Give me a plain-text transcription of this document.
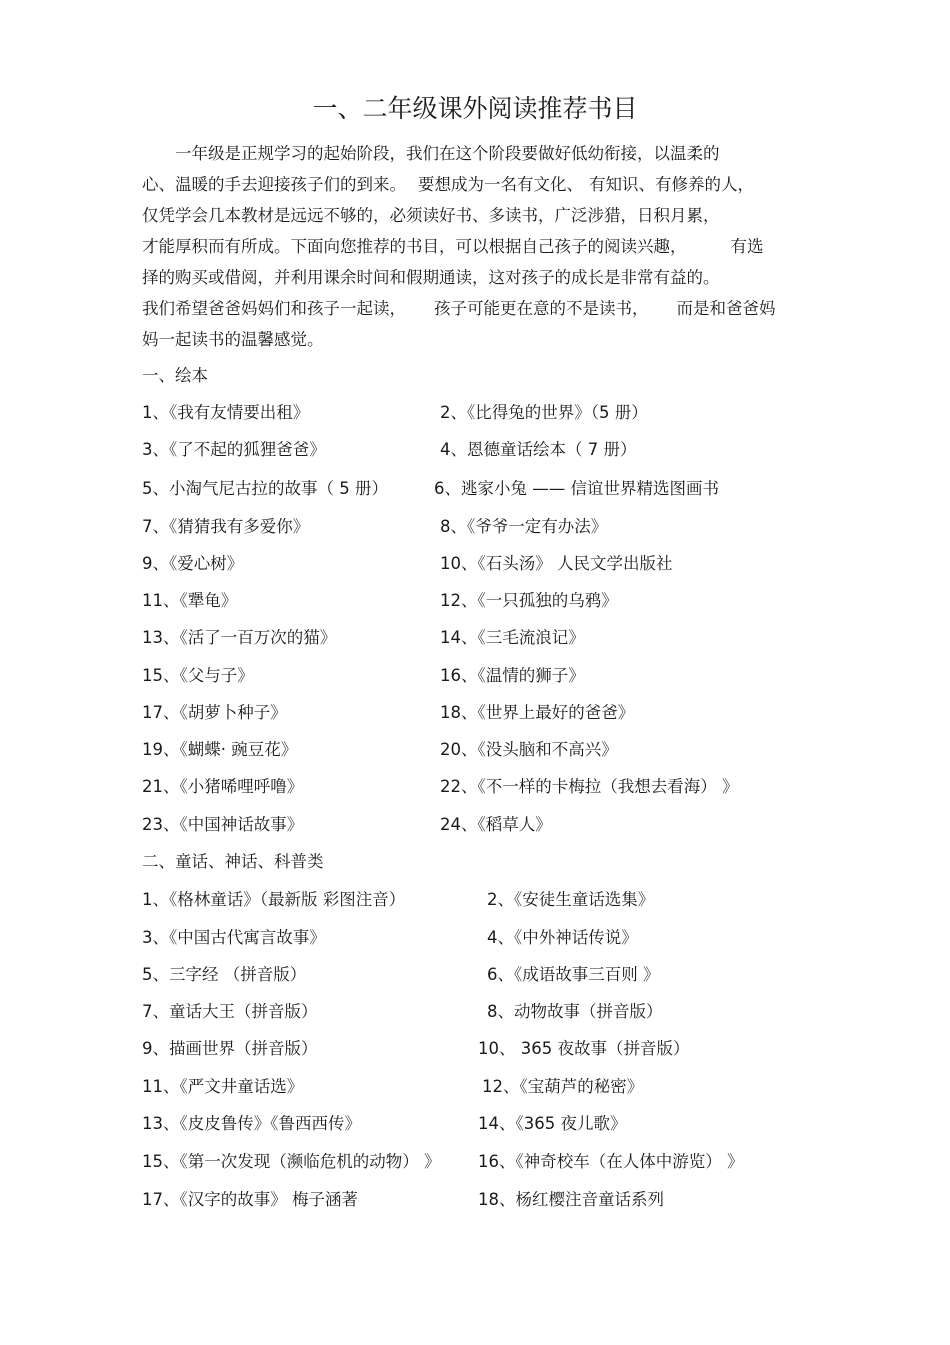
一、二年级课外阅读推荐书目
一年级是正规学习的起始阶段，我们在这个阶段要做好低幼衔接，以温柔的
心、温暖的手去迎接孩子们的到来。 要想成为一名有文化、 有知识、有修养的人，
仅凭学会几本教材是远远不够的，必须读好书、多读书，广泛涉猎，日积月累，
才能厚积而有所成。下面向您推荐的书目，可以根据自己孩子的阅读兴趣，	有选
择的购买或借阅，并利用课余时间和假期通读，这对孩子的成长是非常有益的。
我们希望爸爸妈妈们和孩子一起读， 孩子可能更在意的不是读书， 而是和爸爸妈
妈一起读书的温馨感觉。
一、绘本
1、《我有友情要出租》	2、《比得兔的世界》（5 册）
3、《了不起的狐狸爸爸》	4、恩德童话绘本（ 7 册）
5、小淘气尼古拉的故事（ 5 册）	6、逃家小兔 —— 信谊世界精选图画书
7、《猜猜我有多爱你》	8、《爷爷一定有办法》
9、《爱心树》	10、《石头汤》 人民文学出版社
11、《犟龟》	12、《一只孤独的乌鸦》
13、《活了一百万次的猫》	14、《三毛流浪记》
15、《父与子》	16、《温情的狮子》
17、《胡萝卜种子》	18、《世界上最好的爸爸》
19、《蝴蝶· 豌豆花》	20、《没头脑和不高兴》
21、《小猪唏哩呼噜》	22、《不一样的卡梅拉（我想去看海） 》
23、《中国神话故事》	24、《稻草人》
二、童话、神话、科普类
1、《格林童话》（最新版 彩图注音）	2、《安徒生童话选集》
3、《中国古代寓言故事》	4、《中外神话传说》
5、三字经 （拼音版）	6、《成语故事三百则 》
7、童话大王（拼音版）	8、动物故事（拼音版）
9、描画世界（拼音版）	10、 365 夜故事（拼音版）
11、《严文井童话选》	12、《宝葫芦的秘密》
13、《皮皮鲁传》《鲁西西传》	14、《365 夜儿歌》
15、《第一次发现（濒临危机的动物） 》 16、《神奇校车（在人体中游览） 》
17、《汉字的故事》 梅子涵著	18、杨红樱注音童话系列
